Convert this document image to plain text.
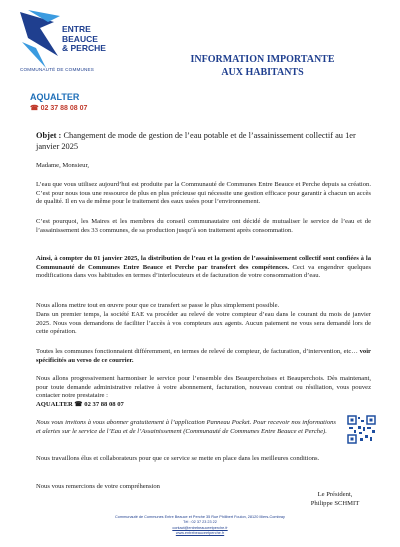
ENTRE
BEAUCE
& PERCHE
COMMUNAUTÉ DE COMMUNES
INFORMATION IMPORTANTE
AUX HABITANTS
AQUALTER
☎ 02 37 88 08 07
Objet : Changement de mode de gestion de l’eau potable et de l’assainissement collectif au 1er janvier 2025
Madame, Monsieur,
L’eau que vous utilisez aujourd’hui est produite par la Communauté de Communes Entre Beauce et Perche depuis sa création. C’est pour nous tous une ressource de plus en plus précieuse qui nécessite une gestion efficace pour garantir à chacun un accès de qualité. Il en va de même pour le traitement des eaux usées pour l’environnement.
C’est pourquoi, les Maires et les membres du conseil communautaire ont décidé de mutualiser le service de l’eau et de l’assainissement des 33 communes, de sa production jusqu’à son traitement après consommation.
Ainsi, à compter du 01 janvier 2025, la distribution de l’eau et la gestion de l’assainissement collectif sont confiées à la Communauté de Communes Entre Beauce et Perche par transfert des compétences. Ceci va engendrer quelques modifications dans vos habitudes en termes d’interlocuteurs et de facturation de votre consommation d’eau.
Nous allons mettre tout en œuvre pour que ce transfert se passe le plus simplement possible.
Dans un premier temps, la société EAE va procéder au relevé de votre compteur d’eau dans le courant du mois de janvier 2025. Nous vous demandons de faciliter l’accès à vos compteurs aux agents. Aucun paiement ne vous sera demandé lors de cette opération.
Toutes les communes fonctionnaient différemment, en termes de relevé de compteur, de facturation, d’intervention, etc… voir spécificités au verso de ce courrier.
Nous allons progressivement harmoniser le service pour l’ensemble des Beauperchoises et Beauperchois. Dès maintenant, pour toute demande administrative relative à votre abonnement, facturation, nouveau contrat ou résiliation, vous pouvez contacter notre prestataire :
AQUALTER ☎ 02 37 88 08 07
Nous vous invitons à vous abonner gratuitement à l’application Panneau Pocket. Pour recevoir nos informations et alertes sur le service de l’Eau et de l’Assainissement (Communauté de Communes Entre Beauce et Perche).
Nous travaillons élus et collaborateurs pour que ce service se mette en place dans les meilleures conditions.
Nous vous remercions de votre compréhension
Le Président,
Philippe SCHMIT
Communauté de Communes Entre Beauce et Perche 35 Rue Philibert Foulon, 28120 Illiers-Combray
Tél : 02 37 23 23 22
contact@entrebeauceetperche.fr
www.entrebeauceetperche.fr
